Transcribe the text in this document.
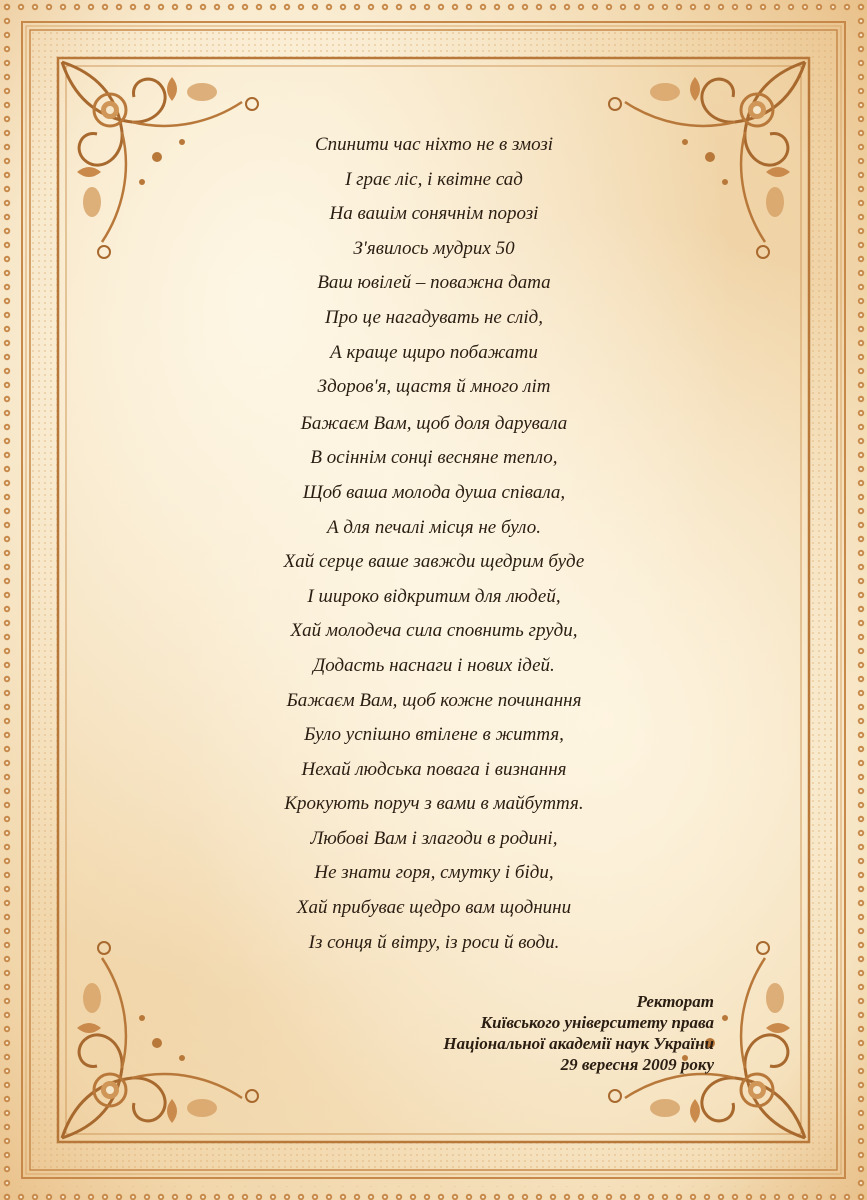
Спинити час ніхто не в змозі
І грає ліс, і квітне сад
На вашім сонячнім порозі
З'явилось мудрих 50
Ваш ювілей – поважна дата
Про це нагадувать не слід,
А краще щиро побажати
Здоров'я, щастя й много літ
Бажаєм Вам, щоб доля дарувала
В осіннім сонці весняне тепло,
Щоб ваша молода душа співала,
А для печалі місця не було.
Хай серце ваше завжди щедрим буде
І широко відкритим для людей,
Хай молодеча сила сповнить груди,
Додасть наснаги і нових ідей.
Бажаєм Вам, щоб кожне починання
Було успішно втілене в життя,
Нехай людська повага і визнання
Крокують поруч з вами в майбуття.
Любові Вам і злагоди в родині,
Не знати горя, смутку і біди,
Хай прибуває щедро вам щоднини
Із сонця й вітру, із роси й води.
Ректорат
Київського університету права
Національної академії наук України
29 вересня 2009 року
